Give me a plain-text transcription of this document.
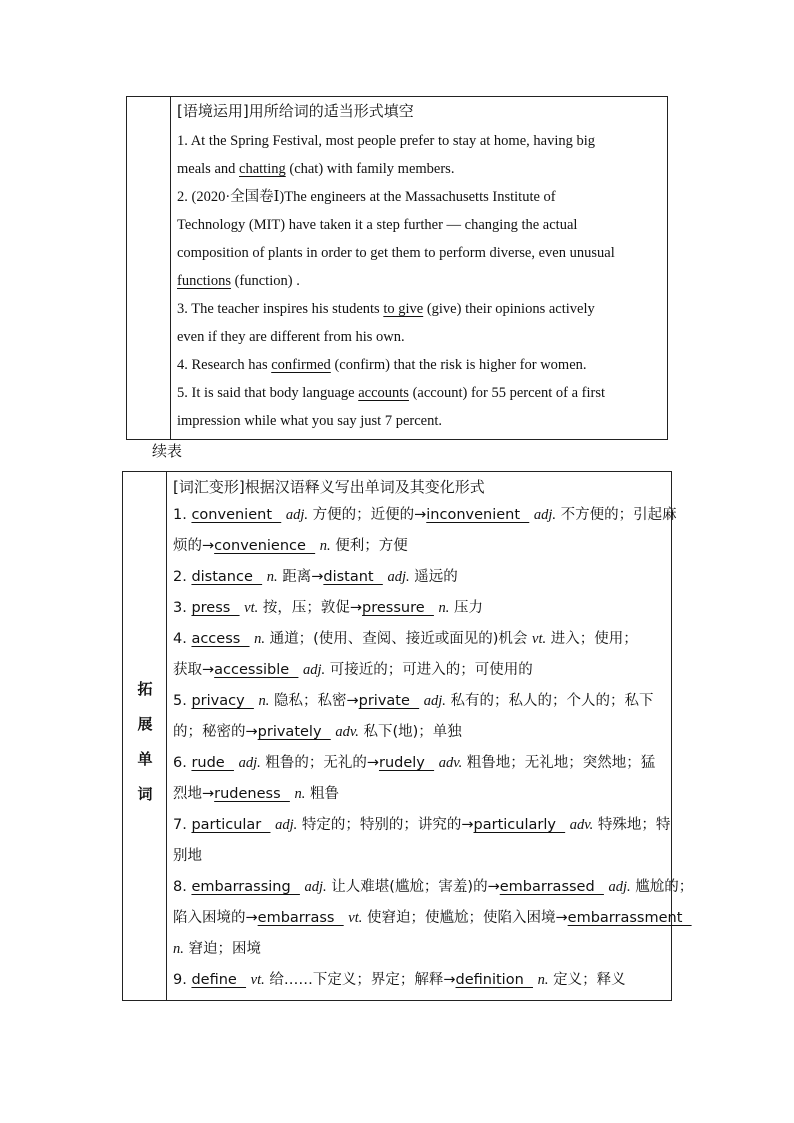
[语境运用]用所给词的适当形式填空
1. At the Spring Festival, most people prefer to stay at home, having big
meals and chatting (chat) with family members.
2. (2020·全国卷Ⅰ)The engineers at the Massachusetts Institute of
Technology (MIT) have taken it a step further — changing the actual
composition of plants in order to get them to perform diverse, even unusual
functions (function) .
3. The teacher inspires his students to give (give) their opinions actively
even if they are different from his own.
4. Research has confirmed (confirm) that the risk is higher for women.
5. It is said that body language accounts (account) for 55 percent of a first
impression while what you say just 7 percent.
续表
拓
展
单
词
[词汇变形]根据汉语释义写出单词及其变化形式
1. convenient   adj. 方便的；近便的→inconvenient   adj. 不方便的；引起麻
烦的→convenience   n. 便利；方便
2. distance   n. 距离→distant   adj. 遥远的
3. press   vt. 按，压；敦促→pressure   n. 压力
4. access   n. 通道；(使用、查阅、接近或面见的)机会 vt. 进入；使用；
获取→accessible   adj. 可接近的；可进入的；可使用的
5. privacy   n. 隐私；私密→private   adj. 私有的；私人的；个人的；私下
的；秘密的→privately   adv. 私下(地)；单独
6. rude   adj. 粗鲁的；无礼的→rudely   adv. 粗鲁地；无礼地；突然地；猛
烈地→rudeness   n. 粗鲁
7. particular   adj. 特定的；特别的；讲究的→particularly   adv. 特殊地；特
别地
8. embarrassing   adj. 让人难堪(尴尬；害羞)的→embarrassed   adj. 尴尬的；
陷入困境的→embarrass   vt. 使窘迫；使尴尬；使陷入困境→embarrassment
n. 窘迫；困境
9. define   vt. 给……下定义；界定；解释→definition   n. 定义；释义
